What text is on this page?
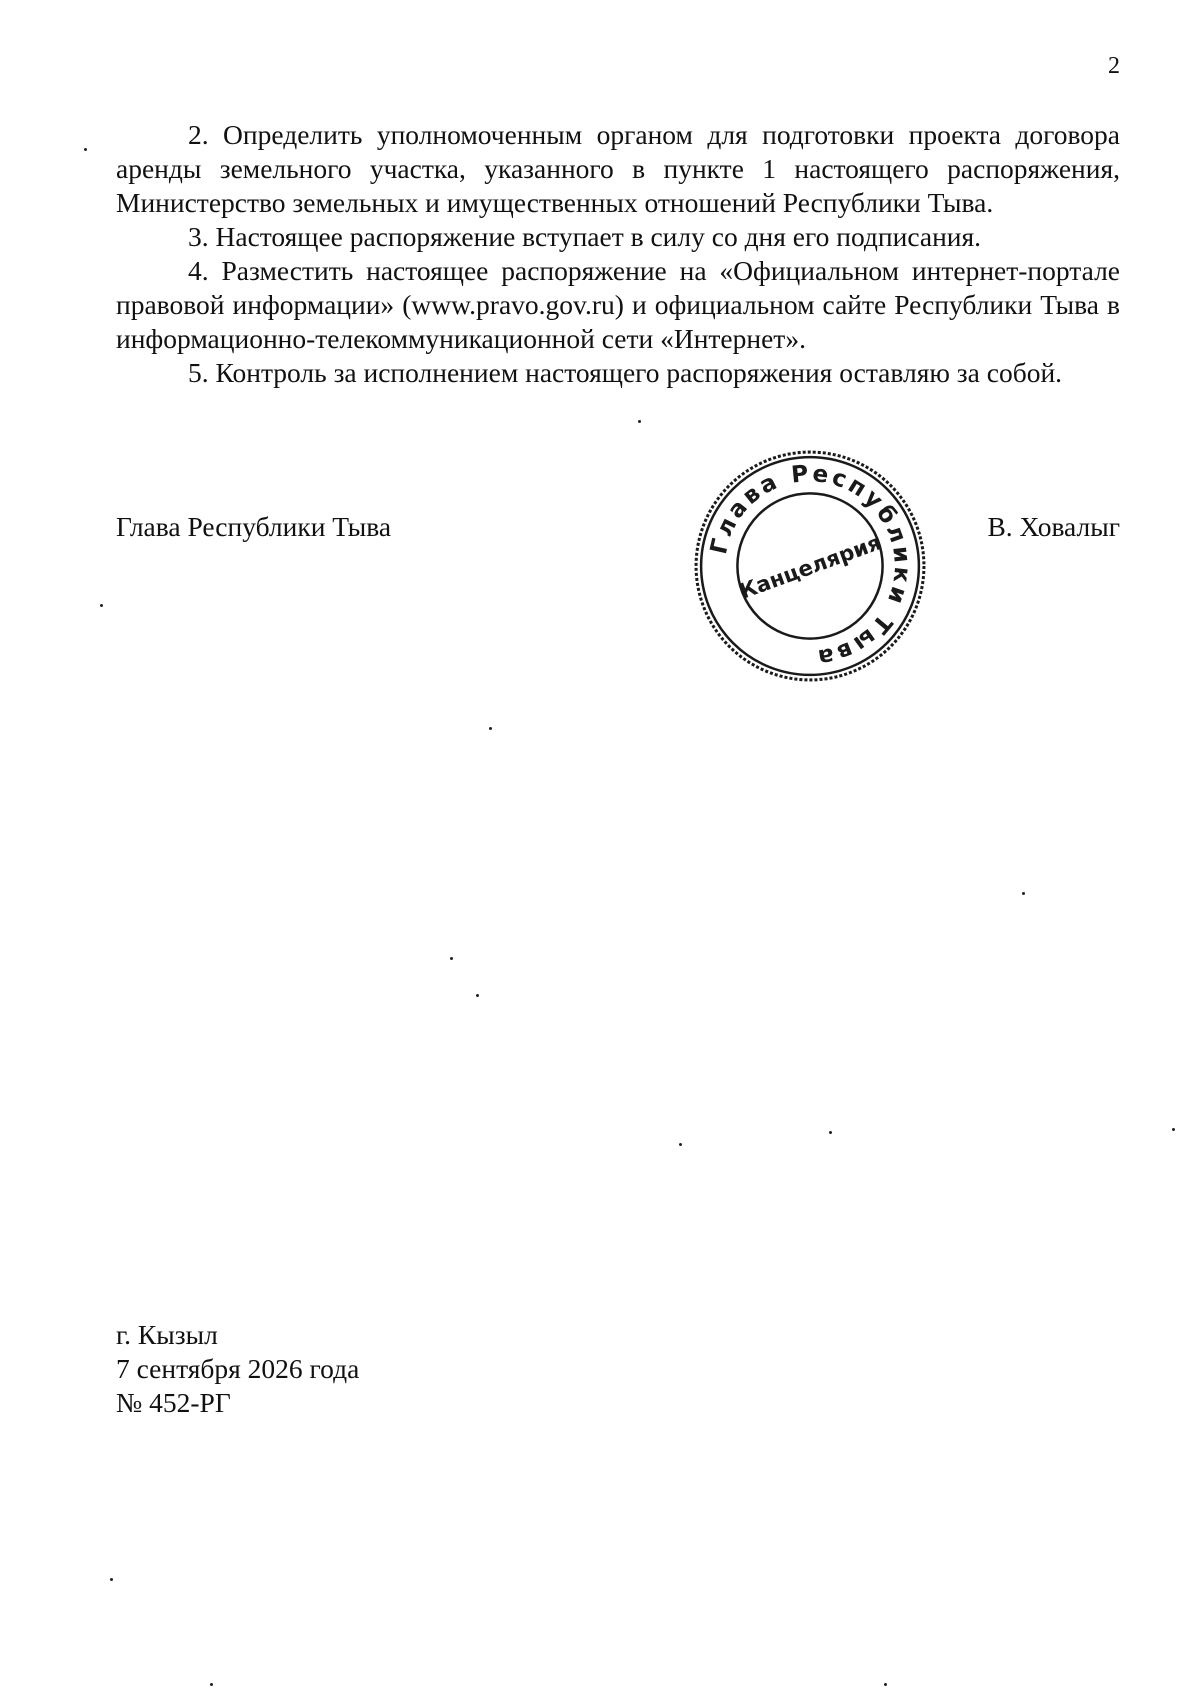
2

2. Определить уполномоченным органом для подготовки проекта договора аренды земельного участка, указанного в пункте 1 настоящего распоряжения, Министерство земельных и имущественных отношений Республики Тыва.

3. Настоящее распоряжение вступает в силу со дня его подписания.

4. Разместить настоящее распоряжение на «Официальном интернет-портале правовой информации» (www.pravo.gov.ru) и официальном сайте Республики Тыва в информационно-телекоммуникационной сети «Интернет».

5. Контроль за исполнением настоящего распоряжения оставляю за собой.

Глава Республики Тыва	В. Ховалыг
Глава Республики Тыва
Канцелярия
г. Кызыл
7 сентября 2026 года
№ 452-РГ
